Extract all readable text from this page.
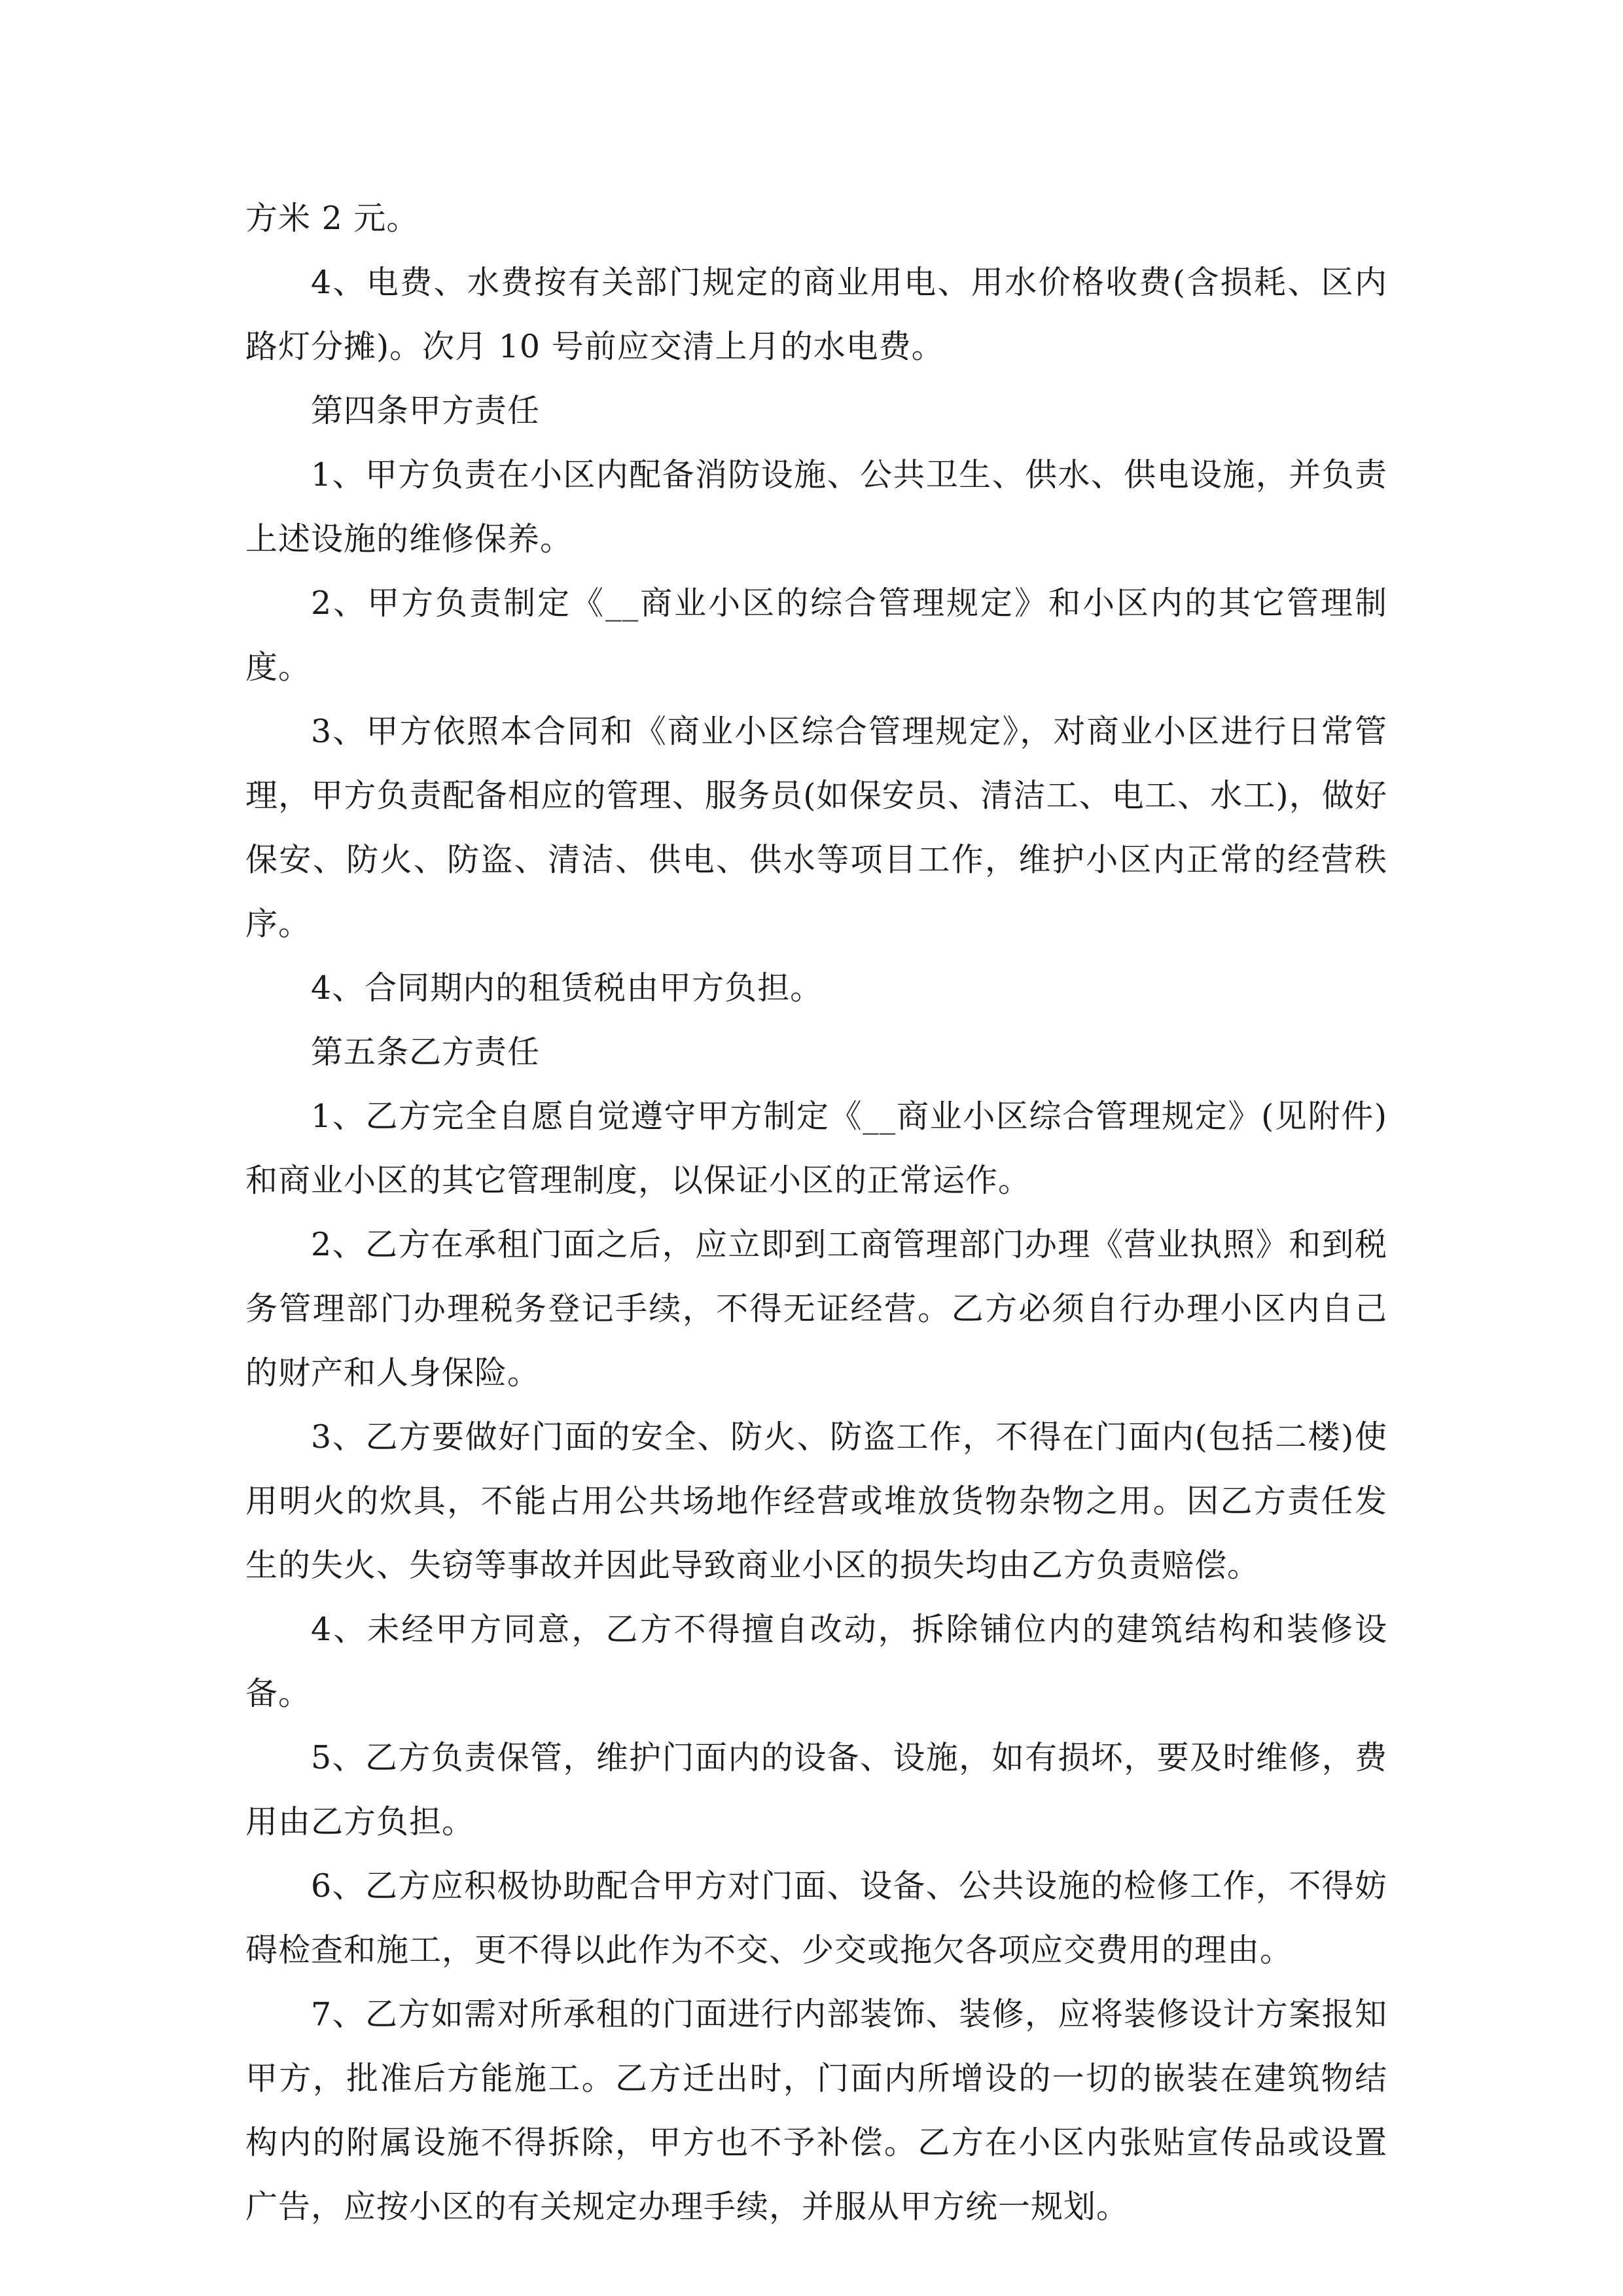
方米 2 元。

4、电费、水费按有关部门规定的商业用电、用水价格收费(含损耗、区内路灯分摊)。次月 10 号前应交清上月的水电费。

第四条甲方责任

1、甲方负责在小区内配备消防设施、公共卫生、供水、供电设施，并负责上述设施的维修保养。

2、甲方负责制定《__商业小区的综合管理规定》和小区内的其它管理制度。

3、甲方依照本合同和《商业小区综合管理规定》，对商业小区进行日常管理，甲方负责配备相应的管理、服务员(如保安员、清洁工、电工、水工)，做好保安、防火、防盗、清洁、供电、供水等项目工作，维护小区内正常的经营秩序。

4、合同期内的租赁税由甲方负担。

第五条乙方责任

1、乙方完全自愿自觉遵守甲方制定《__商业小区综合管理规定》(见附件)和商业小区的其它管理制度，以保证小区的正常运作。

2、乙方在承租门面之后，应立即到工商管理部门办理《营业执照》和到税务管理部门办理税务登记手续，不得无证经营。乙方必须自行办理小区内自己的财产和人身保险。

3、乙方要做好门面的安全、防火、防盗工作，不得在门面内(包括二楼)使用明火的炊具，不能占用公共场地作经营或堆放货物杂物之用。因乙方责任发生的失火、失窃等事故并因此导致商业小区的损失均由乙方负责赔偿。

4、未经甲方同意，乙方不得擅自改动，拆除铺位内的建筑结构和装修设备。

5、乙方负责保管，维护门面内的设备、设施，如有损坏，要及时维修，费用由乙方负担。

6、乙方应积极协助配合甲方对门面、设备、公共设施的检修工作，不得妨碍检查和施工，更不得以此作为不交、少交或拖欠各项应交费用的理由。

7、乙方如需对所承租的门面进行内部装饰、装修，应将装修设计方案报知甲方，批准后方能施工。乙方迁出时，门面内所增设的一切的嵌装在建筑物结构内的附属设施不得拆除，甲方也不予补偿。乙方在小区内张贴宣传品或设置广告，应按小区的有关规定办理手续，并服从甲方统一规划。
